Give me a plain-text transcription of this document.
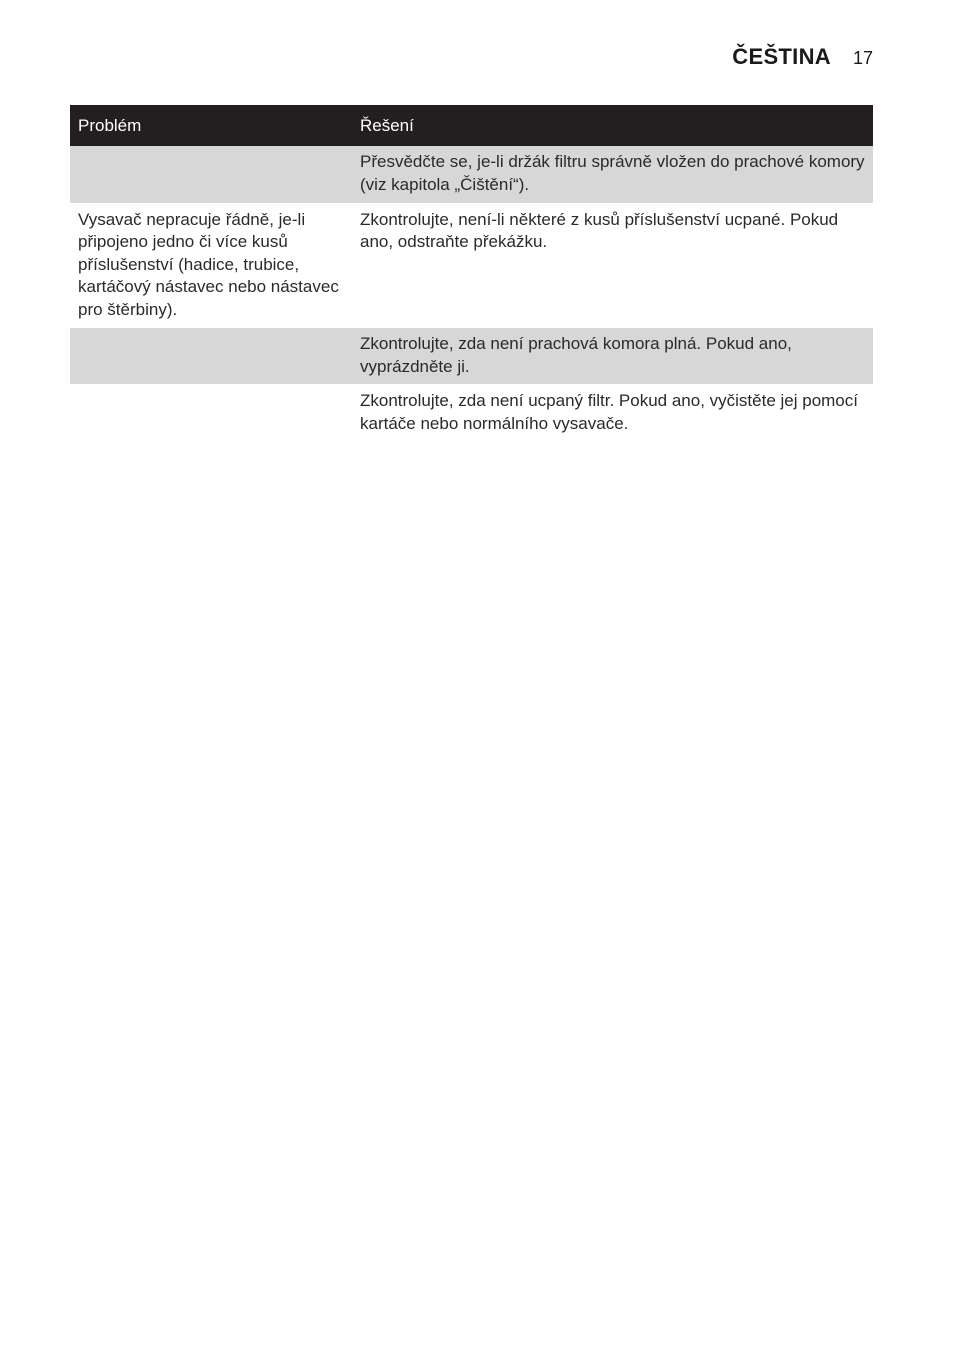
ČEŠTINA 17
Problém	Řešení
	Přesvědčte se, je-li držák filtru správně vložen do prachové komory (viz kapitola „Čištění“).
Vysavač nepracuje řádně, je-li připojeno jedno či více kusů příslušenství (hadice, trubice, kartáčový nástavec nebo nástavec pro štěrbiny).	Zkontrolujte, není-li některé z kusů příslušenství ucpané. Pokud ano, odstraňte překážku.
	Zkontrolujte, zda není prachová komora plná. Pokud ano, vyprázdněte ji.
	Zkontrolujte, zda není ucpaný filtr. Pokud ano, vyčistěte jej pomocí kartáče nebo normálního vysavače.
